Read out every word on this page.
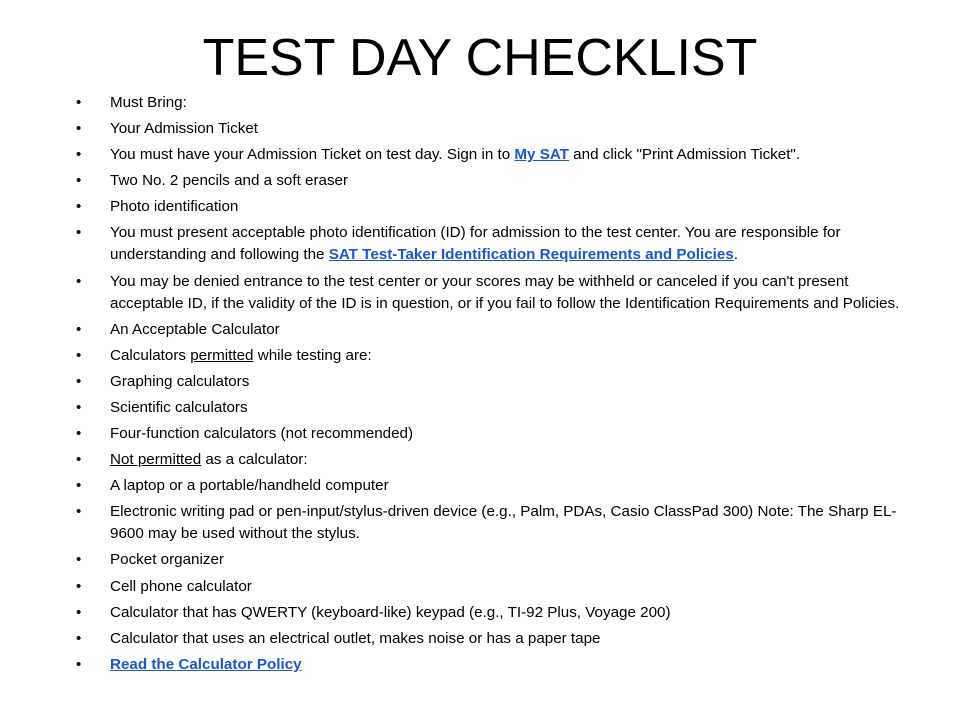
TEST DAY CHECKLIST
• Must Bring:
• Your Admission Ticket
• You must have your Admission Ticket on test day. Sign in to My SAT and click "Print Admission Ticket".
• Two No. 2 pencils and a soft eraser
• Photo identification
• You must present acceptable photo identification (ID) for admission to the test center. You are responsible for understanding and following the SAT Test-Taker Identification Requirements and Policies.
• You may be denied entrance to the test center or your scores may be withheld or canceled if you can't present acceptable ID, if the validity of the ID is in question, or if you fail to follow the Identification Requirements and Policies.
• An Acceptable Calculator
• Calculators permitted while testing are:
• Graphing calculators
• Scientific calculators
• Four-function calculators (not recommended)
• Not permitted as a calculator:
• A laptop or a portable/handheld computer
• Electronic writing pad or pen-input/stylus-driven device (e.g., Palm, PDAs, Casio ClassPad 300) Note: The Sharp EL-9600 may be used without the stylus.
• Pocket organizer
• Cell phone calculator
• Calculator that has QWERTY (keyboard-like) keypad (e.g., TI-92 Plus, Voyage 200)
• Calculator that uses an electrical outlet, makes noise or has a paper tape
• Read the Calculator Policy
